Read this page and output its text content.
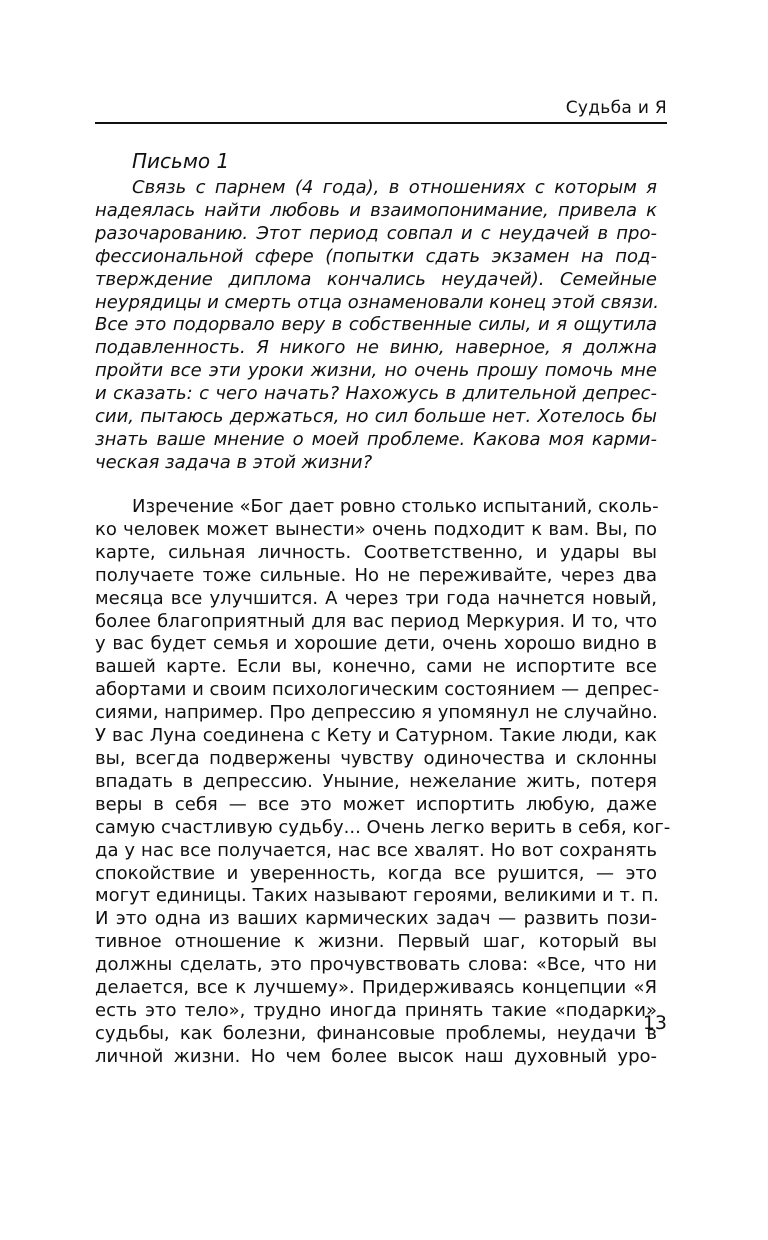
Судьба и Я
Письмо 1

Связь с парнем (4 года), в отношениях с которым я
надеялась найти любовь и взаимопонимание, привела к
разочарованию. Этот период совпал и с неудачей в про-
фессиональной сфере (попытки сдать экзамен на под-
тверждение диплома кончались неудачей). Семейные
неурядицы и смерть отца ознаменовали конец этой связи.
Все это подорвало веру в собственные силы, и я ощутила
подавленность. Я никого не виню, наверное, я должна
пройти все эти уроки жизни, но очень прошу помочь мне
и сказать: с чего начать? Нахожусь в длительной депрес-
сии, пытаюсь держаться, но сил больше нет. Хотелось бы
знать ваше мнение о моей проблеме. Какова моя карми-
ческая задача в этой жизни?

Изречение «Бог дает ровно столько испытаний, сколь-
ко человек может вынести» очень подходит к вам. Вы, по
карте, сильная личность. Соответственно, и удары вы
получаете тоже сильные. Но не переживайте, через два
месяца все улучшится. А через три года начнется новый,
более благоприятный для вас период Меркурия. И то, что
у вас будет семья и хорошие дети, очень хорошо видно в
вашей карте. Если вы, конечно, сами не испортите все
абортами и своим психологическим состоянием — депрес-
сиями, например. Про депрессию я упомянул не случайно.
У вас Луна соединена с Кету и Сатурном. Такие люди, как
вы, всегда подвержены чувству одиночества и склонны
впадать в депрессию. Уныние, нежелание жить, потеря
веры в себя — все это может испортить любую, даже
самую счастливую судьбу... Очень легко верить в себя, ког-
да у нас все получается, нас все хвалят. Но вот сохранять
спокойствие и уверенность, когда все рушится, — это
могут единицы. Таких называют героями, великими и т. п.
И это одна из ваших кармических задач — развить пози-
тивное отношение к жизни. Первый шаг, который вы
должны сделать, это прочувствовать слова: «Все, что ни
делается, все к лучшему». Придерживаясь концепции «Я
есть это тело», трудно иногда принять такие «подарки»
судьбы, как болезни, финансовые проблемы, неудачи в
личной жизни. Но чем более высок наш духовный уро-

13
